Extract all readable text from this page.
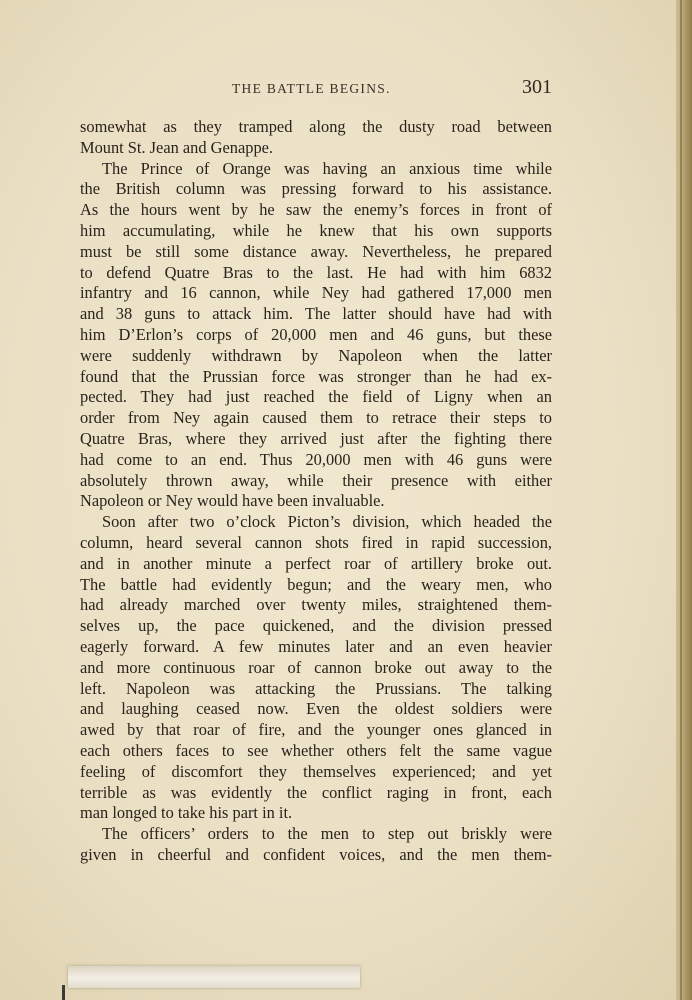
THE BATTLE BEGINS.	301
somewhat as they tramped along the dusty road between
Mount St. Jean and Genappe.
The Prince of Orange was having an anxious time while
the British column was pressing forward to his assistance.
As the hours went by he saw the enemy’s forces in front of
him accumulating, while he knew that his own supports
must be still some distance away. Nevertheless, he prepared
to defend Quatre Bras to the last. He had with him 6832
infantry and 16 cannon, while Ney had gathered 17,000 men
and 38 guns to attack him. The latter should have had with
him D’Erlon’s corps of 20,000 men and 46 guns, but these
were suddenly withdrawn by Napoleon when the latter
found that the Prussian force was stronger than he had ex-
pected. They had just reached the field of Ligny when an
order from Ney again caused them to retrace their steps to
Quatre Bras, where they arrived just after the fighting there
had come to an end. Thus 20,000 men with 46 guns were
absolutely thrown away, while their presence with either
Napoleon or Ney would have been invaluable.
Soon after two o’clock Picton’s division, which headed the
column, heard several cannon shots fired in rapid succession,
and in another minute a perfect roar of artillery broke out.
The battle had evidently begun; and the weary men, who
had already marched over twenty miles, straightened them-
selves up, the pace quickened, and the division pressed
eagerly forward. A few minutes later and an even heavier
and more continuous roar of cannon broke out away to the
left. Napoleon was attacking the Prussians. The talking
and laughing ceased now. Even the oldest soldiers were
awed by that roar of fire, and the younger ones glanced in
each others faces to see whether others felt the same vague
feeling of discomfort they themselves experienced; and yet
terrible as was evidently the conflict raging in front, each
man longed to take his part in it.
The officers’ orders to the men to step out briskly were
given in cheerful and confident voices, and the men them-
